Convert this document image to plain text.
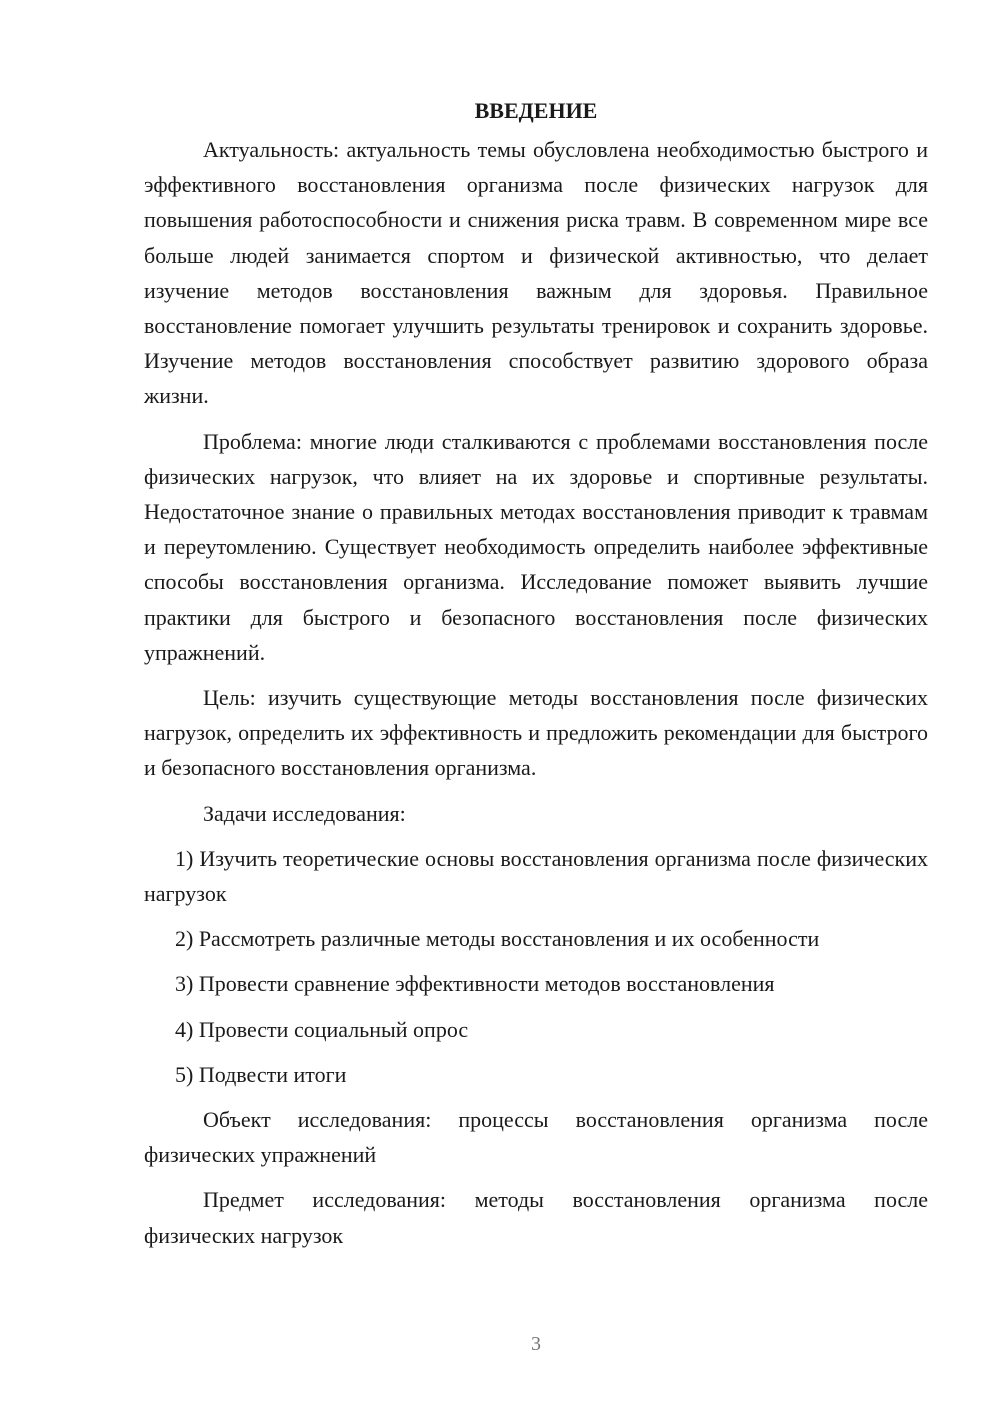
ВВЕДЕНИЕ

Актуальность: актуальность темы обусловлена необходимостью быстрого и эффективного восстановления организма после физических нагрузок для повышения работоспособности и снижения риска травм. В современном мире все больше людей занимается спортом и физической активностью, что делает изучение методов восстановления важным для здоровья. Правильное восстановление помогает улучшить результаты тренировок и сохранить здоровье. Изучение методов восстановления способствует развитию здорового образа жизни.

Проблема: многие люди сталкиваются с проблемами восстановления после физических нагрузок, что влияет на их здоровье и спортивные результаты. Недостаточное знание о правильных методах восстановления приводит к травмам и переутомлению. Существует необходимость определить наиболее эффективные способы восстановления организма. Исследование поможет выявить лучшие практики для быстрого и безопасного восстановления после физических упражнений.

Цель: изучить существующие методы восстановления после физических нагрузок, определить их эффективность и предложить рекомендации для быстрого и безопасного восстановления организма.

Задачи исследования:

1) Изучить теоретические основы восстановления организма после физических нагрузок

2) Рассмотреть различные методы восстановления и их особенности

3) Провести сравнение эффективности методов восстановления

4) Провести социальный опрос

5) Подвести итоги

Объект исследования: процессы восстановления организма после физических упражнений

Предмет исследования: методы восстановления организма после физических нагрузок

3
